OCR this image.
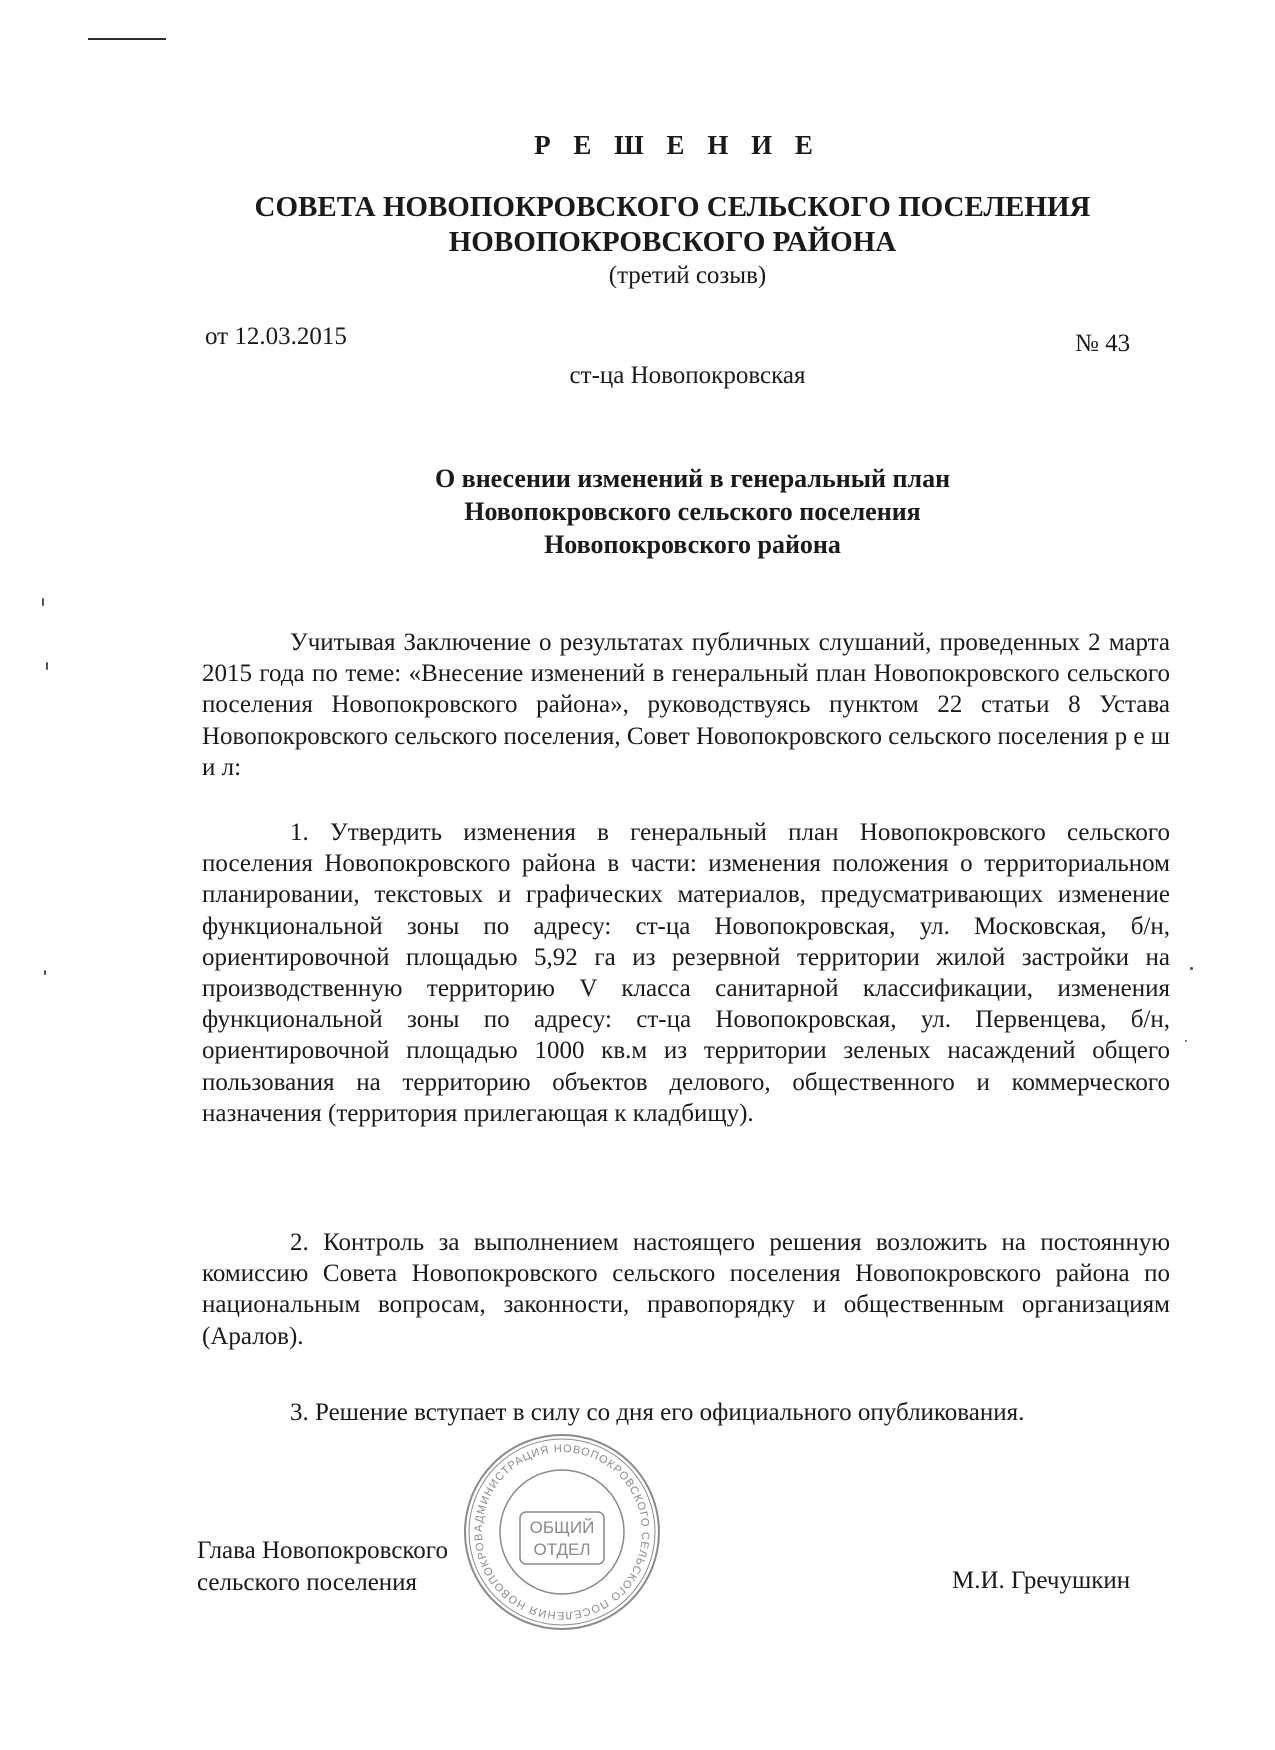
Р Е Ш Е Н И Е
СОВЕТА НОВОПОКРОВСКОГО СЕЛЬСКОГО ПОСЕЛЕНИЯ
НОВОПОКРОВСКОГО РАЙОНА
(третий созыв)
от 12.03.2015	№ 43
ст-ца Новопокровская
О внесении изменений в генеральный план
Новопокровского сельского поселения
Новопокровского района

Учитывая Заключение о результатах публичных слушаний, проведенных 2 марта 2015 года по теме: «Внесение изменений в генеральный план Новопокровского сельского поселения Новопокровского района», руководствуясь пунктом 22 статьи 8 Устава Новопокровского сельского поселения, Совет Новопокровского сельского поселения р е ш и л:

1. Утвердить изменения в генеральный план Новопокровского сельского поселения Новопокровского района в части: изменения положения о территориальном планировании, текстовых и графических материалов, предусматривающих изменение функциональной зоны по адресу: ст-ца Новопокровская, ул. Московская, б/н, ориентировочной площадью 5,92 га из резервной территории жилой застройки на производственную территорию V класса санитарной классификации, изменения функциональной зоны по адресу: ст-ца Новопокровская, ул. Первенцева, б/н, ориентировочной площадью 1000 кв.м из территории зеленых насаждений общего пользования на территорию объектов делового, общественного и коммерческого назначения (территория прилегающая к кладбищу).

2. Контроль за выполнением настоящего решения возложить на постоянную комиссию Совета Новопокровского сельского поселения Новопокровского района по национальным вопросам, законности, правопорядку и общественным организациям (Аралов).

3. Решение вступает в силу со дня его официального опубликования.

АДМИНИСТРАЦИЯ НОВОПОКРОВСКОГО СЕЛЬСКОГО ПОСЕЛЕНИЯ НОВОПОКРОВ	ОБЩИЙ
ОТДЕЛ
Глава Новопокровского
сельского поселения	М.И. Гречушкин
